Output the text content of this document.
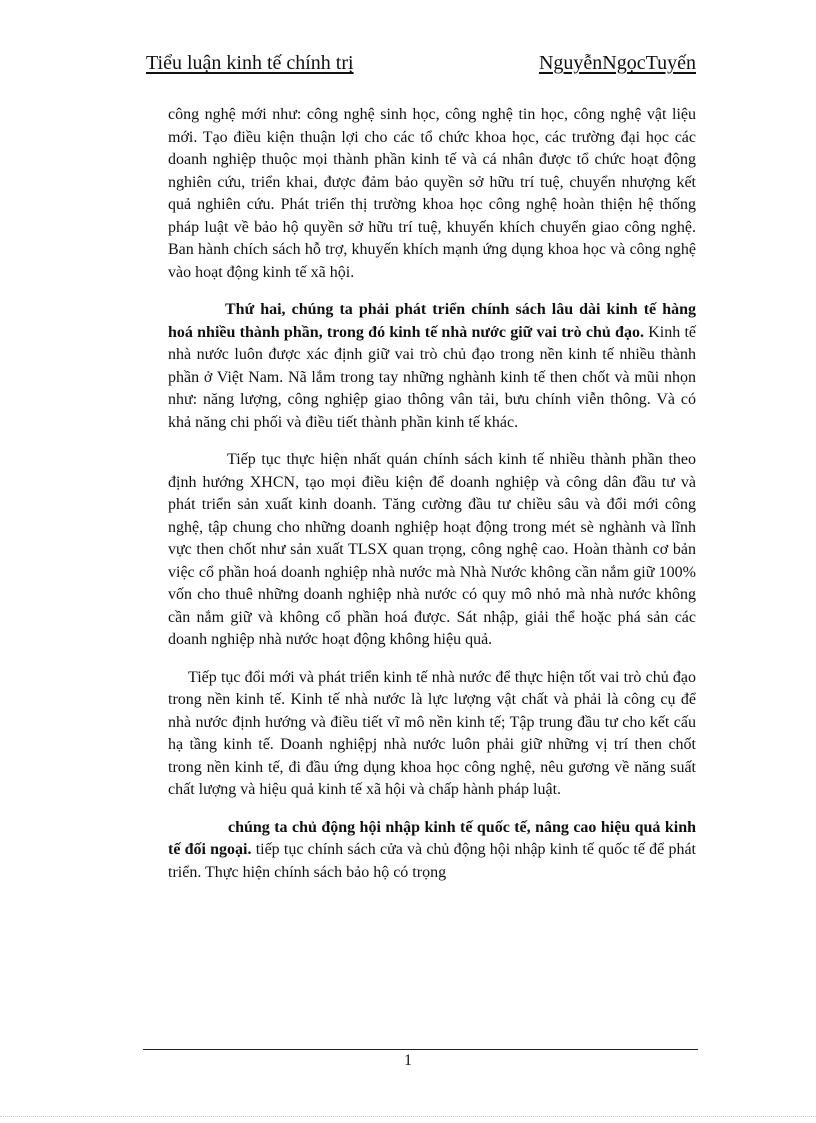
Tiểu luận kinh tế chính trị	NguyễnNgọcTuyến

công nghệ mới như: công nghệ sinh học, công nghệ tin học, công nghệ vật liệu mới. Tạo điều kiện thuận lợi cho các tổ chức khoa học, các trường đại học các doanh nghiệp thuộc mọi thành phần kinh tế và cá nhân được tổ chức hoạt động nghiên cứu, triển khai, được đảm bảo quyền sở hữu trí tuệ, chuyển nhượng kết quả nghiên cứu. Phát triển thị trường khoa học công nghệ hoàn thiện hệ thống pháp luật về bảo hộ quyền sở hữu trí tuệ, khuyến khích chuyển giao công nghệ. Ban hành chích sách hỗ trợ, khuyến khích mạnh ứng dụng khoa học và công nghệ vào hoạt động kinh tế xã hội.

Thứ hai, chúng ta phải phát triển chính sách lâu dài kinh tế hàng hoá nhiều thành phần, trong đó kinh tế nhà nước giữ vai trò chủ đạo. Kinh tế nhà nước luôn được xác định giữ vai trò chủ đạo trong nền kinh tế nhiều thành phần ở Việt Nam. Nã lắm trong tay những nghành kinh tế then chốt và mũi nhọn như: năng lượng, công nghiệp giao thông vân tải, bưu chính viễn thông. Và có khả năng chi phối và điều tiết thành phần kinh tế khác.

Tiếp tục thực hiện nhất quán chính sách kinh tế nhiều thành phần theo định hướng XHCN, tạo mọi điều kiện để doanh nghiệp và công dân đầu tư và phát triển sản xuất kinh doanh. Tăng cường đầu tư chiều sâu và đổi mới công nghệ, tập chung cho những doanh nghiệp hoạt động trong mét sè nghành và lĩnh vực then chốt như sản xuất TLSX quan trọng, công nghệ cao. Hoàn thành cơ bản việc cổ phần hoá doanh nghiệp nhà nước mà Nhà Nước không cần nắm giữ 100% vốn cho thuê những doanh nghiệp nhà nước có quy mô nhỏ mà nhà nước không cần nắm giữ và không cổ phần hoá được. Sát nhập, giải thể hoặc phá sản các doanh nghiệp nhà nước hoạt động không hiệu quả.

Tiếp tục đổi mới và phát triển kinh tế nhà nước để thực hiện tốt vai trò chủ đạo trong nền kinh tế. Kinh tế nhà nước là lực lượng vật chất và phải là công cụ để nhà nước định hướng và điều tiết vĩ mô nền kinh tế; Tập trung đầu tư cho kết cấu hạ tầng kinh tế. Doanh nghiệpj nhà nước luôn phải giữ những vị trí then chốt trong nền kinh tế, đi đầu ứng dụng khoa học công nghệ, nêu gương về năng suất chất lượng và hiệu quả kinh tế xã hội và chấp hành pháp luật.

chúng ta chủ động hội nhập kinh tế quốc tế, nâng cao hiệu quả kinh tế đối ngoại. tiếp tục chính sách cửa và chủ động hội nhập kinh tế quốc tế để phát triển. Thực hiện chính sách bảo hộ có trọng

1
